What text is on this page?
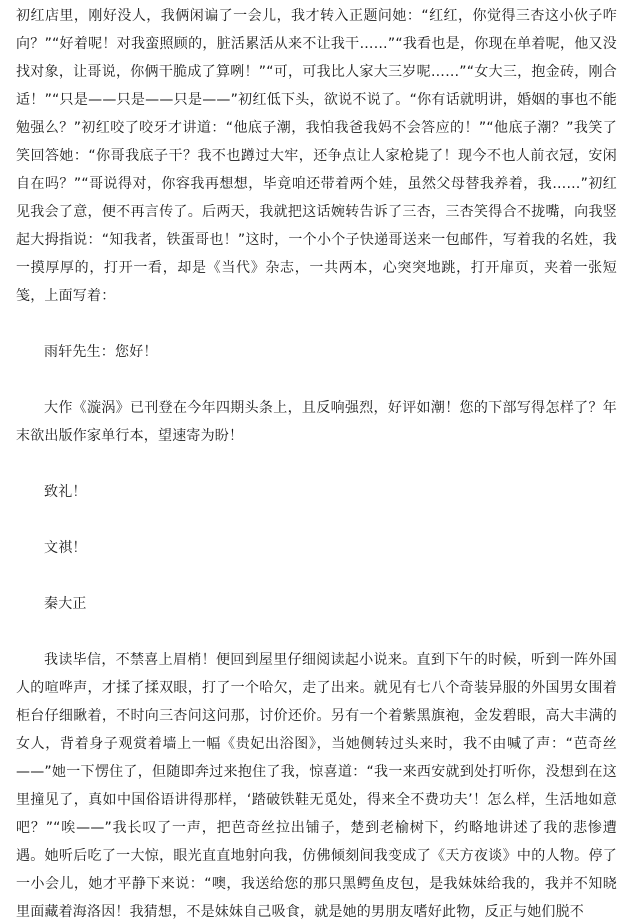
初红店里，刚好没人，我俩闲谝了一会儿，我才转入正题问她：“红红，你觉得三杏这小伙子咋向？”“好着呢！对我蛮照顾的，脏活累活从来不让我干……”“我看也是，你现在单着呢，他又没找对象，让哥说，你俩干脆成了算咧！”“可，可我比人家大三岁呢……”“女大三，抱金砖，刚合适！”“只是——只是——只是——”初红低下头，欲说不说了。“你有话就明讲，婚姻的事也不能勉强么？”初红咬了咬牙才讲道：“他底子潮，我怕我爸我妈不会答应的！”“他底子潮？”我笑了笑回答她：“你哥我底子干？我不也蹲过大牢，还争点让人家枪毙了！现今不也人前衣冠，安闲自在吗？”“哥说得对，你容我再想想，毕竟咱还带着两个娃，虽然父母替我养着，我……”初红见我会了意，便不再言传了。后两天，我就把这话婉转告诉了三杏，三杏笑得合不拢嘴，向我竖起大拇指说：“知我者，铁蛋哥也！”这时，一个小个子快递哥送来一包邮件，写着我的名姓，我一摸厚厚的，打开一看，却是《当代》杂志，一共两本，心突突地跳，打开扉页，夹着一张短笺，上面写着：

雨轩先生：您好！

大作《漩涡》已刊登在今年四期头条上，且反响强烈，好评如潮！您的下部写得怎样了？年末欲出版作家单行本，望速寄为盼！

致礼！

文祺！

秦大正

我读毕信，不禁喜上眉梢！便回到屋里仔细阅读起小说来。直到下午的时候，听到一阵外国人的喧哗声，才揉了揉双眼，打了一个哈欠，走了出来。就见有七八个奇装异服的外国男女围着柜台仔细瞅着，不时向三杏问这问那，讨价还价。另有一个着紫黑旗袍，金发碧眼，高大丰满的女人，背着身子观赏着墙上一幅《贵妃出浴图》，当她侧转过头来时，我不由喊了声：“芭奇丝——”她一下愣住了，但随即奔过来抱住了我，惊喜道：“我一来西安就到处打听你，没想到在这里撞见了，真如中国俗语讲得那样，‘踏破铁鞋无觅处，得来全不费功夫’！怎么样，生活地如意吧？”“唉——”我长叹了一声，把芭奇丝拉出铺子，楚到老榆树下，约略地讲述了我的悲惨遭遇。她听后吃了一大惊，眼光直直地射向我，仿佛倾刻间我变成了《天方夜谈》中的人物。停了一小会儿，她才平静下来说：“噢，我送给您的那只黑鳄鱼皮包，是我妹妹给我的，我并不知晓里面藏着海洛因！我猜想，不是妹妹自己吸食，就是她的男朋友嗜好此物，反正与她们脱不
